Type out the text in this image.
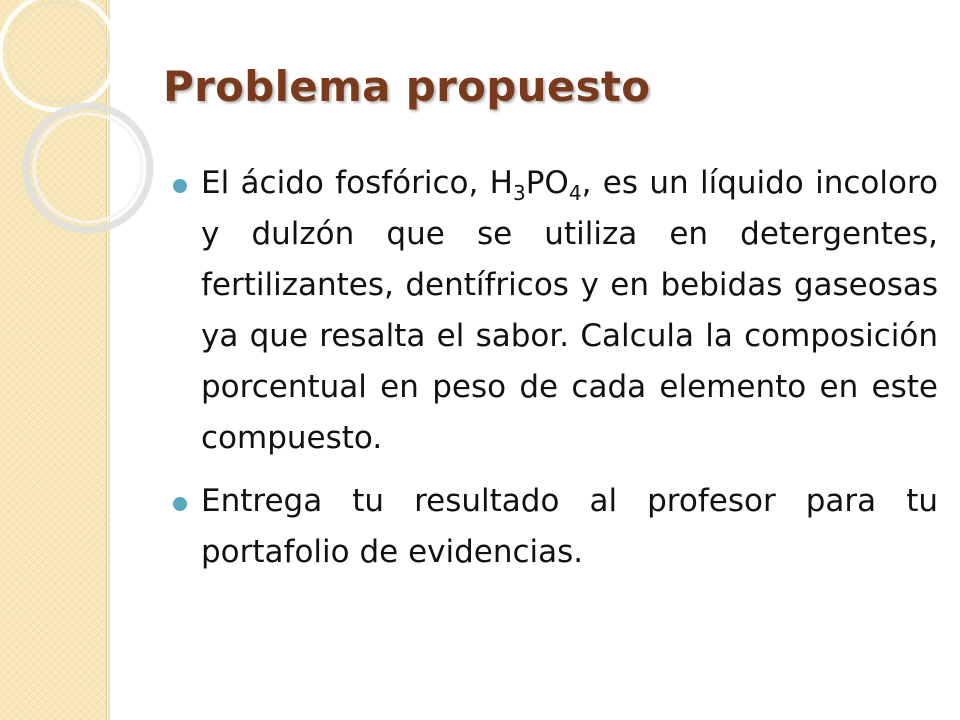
Problema propuesto
El ácido fosfórico, $H_3PO_4$, es un líquido incoloro y dulzón que se utiliza en detergentes, fertilizantes, dentífricos y en bebidas gaseosas ya que resalta el sabor. Calcula la composición porcentual en peso de cada elemento en este compuesto.
Entrega tu resultado al profesor para tu portafolio de evidencias.
